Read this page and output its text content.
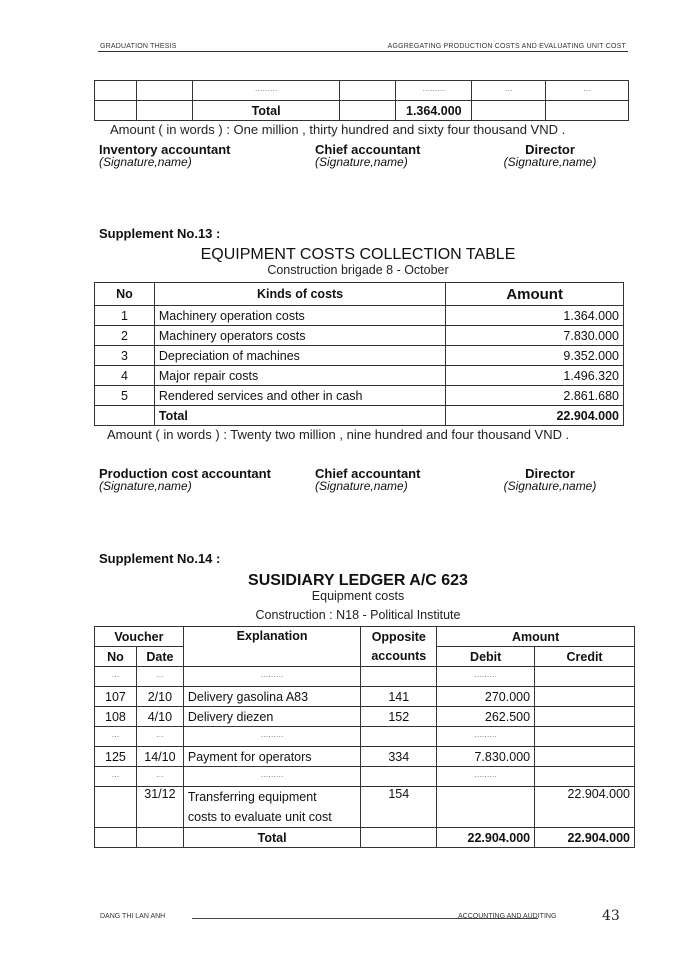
GRADUATION THESIS	AGGREGATING PRODUCTION COSTS AND EVALUATING UNIT COST
		.........		.........	...	...
		Total		1.364.000		
Amount ( in words ) : One million , thirty hundred and sixty four thousand VND .
Inventory accountant
(Signature,name)
Chief accountant
(Signature,name)
Director
(Signature,name)
Supplement No.13 :
EQUIPMENT COSTS COLLECTION TABLE
Construction brigade 8 - October
No	Kinds of costs	Amount
1	Machinery operation costs	1.364.000
2	Machinery operators costs	7.830.000
3	Depreciation of machines	9.352.000
4	Major repair costs	1.496.320
5	Rendered services and other in cash	2.861.680
	Total	22.904.000
Amount ( in words ) : Twenty two million , nine hundred and four thousand VND .
Production cost accountant
(Signature,name)
Chief accountant
(Signature,name)
Director
(Signature,name)
Supplement No.14 :
SUSIDIARY LEDGER A/C 623
Equipment costs
Construction : N18 - Political Institute
Voucher		Explanation	Opposite	Amount	
No	Date		accounts	Debit	Credit
...	...	.........		.........	
107	2/10	Delivery gasolina A83	141	270.000	
108	4/10	Delivery diezen	152	262.500	
...	...	.........		.........	
125	14/10	Payment for operators	334	7.830.000	
...	...	.........		.........	
	31/12	Transferring equipment
costs to evaluate unit cost	154		22.904.000
		Total		22.904.000	22.904.000
DANG THI LAN ANH	ACCOUNTING AND AUDITING	43
